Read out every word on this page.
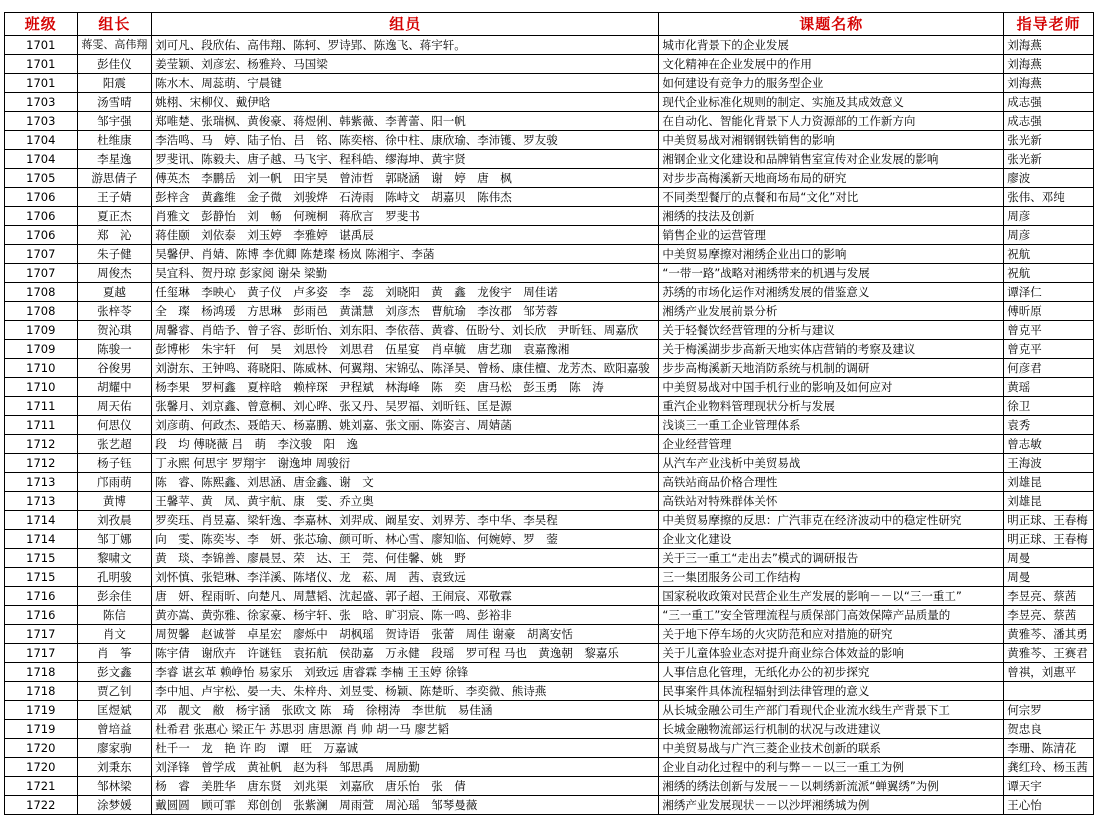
班级	组长	组员	课题名称	指导老师
1701	蒋雯、高伟翔	刘可凡、段欣佑、高伟翔、陈轲、罗诗郢、陈逸飞、蒋宇轩。	城市化背景下的企业发展	刘海燕
1701	彭佳仪	姜莹颖、刘彦宏、杨雅羚、马国梁	文化精神在企业发展中的作用	刘海燕
1701	阳震	陈水木、周蕊萌、宁晨键	如何建设有竞争力的服务型企业	刘海燕
1703	汤雪晴	姚栩、宋柳仪、戴伊晗	现代企业标准化规则的制定、实施及其成效意义	成志强
1703	邹宇强	郑唯楚、张瑞枫、黄俊豪、蒋煜俐、韩紫薇、李菁蕾、阳一帆	在自动化、智能化背景下人力资源部的工作新方向	成志强
1704	杜维康	李浩鸣、马　婷、陆子怡、吕　铭、陈奕榕、徐中柱、康欣瑜、李沛镬、罗友骏	中美贸易战对湘钢钢铁销售的影响	张光新
1704	李星逸	罗斐讯、陈毅夫、唐子越、马飞宇、程科皓、缪海坤、黄宇贤	湘钢企业文化建设和品牌销售室宣传对企业发展的影响	张光新
1705	游思倩子	傅英杰　李鹏岳　刘一帆　田宇昊　曾沛哲　郭晓涵　谢　婷　唐　枫	对步步高梅溪新天地商场布局的研究	廖波
1706	王子婧	彭梓含　黄鑫维　金子微　刘骏烨　石涛雨　陈峙文　胡嘉贝　陈伟杰	不同类型餐厅的点餐和布局“文化”对比	张伟、邓纯
1706	夏正杰	肖雅文　彭静怡　刘　畅　何琬桐　蒋欣言　罗斐书	湘绣的技法及创新	周彦
1706	郑　沁	蒋佳颐　刘依泰　刘玉婷　李雅婷　谌禹辰	销售企业的运营管理	周彦
1707	朱子健	吴馨伊、肖婧、陈博 李优卿 陈楚璨 杨岚 陈湘宇、李菡	中美贸易摩擦对湘绣企业出口的影响	祝航
1707	周俊杰	吴宜科、贺丹琼 彭家阅 谢朵 梁勤	“一带一路”战略对湘绣带来的机遇与发展	祝航
1708	夏越	任玺琳　李映心　黄子仪　卢多姿　李　蕊　刘晓阳　黄　鑫　龙俊宇　周佳诺	苏绣的市场化运作对湘绣发展的借鉴意义	谭泽仁
1708	张梓苓	全　璨　杨鸿瑗　方思琳　彭雨邑　黄潇慧　刘彦杰　曹航瑜　李汝郡　邹芳蓉	湘绣产业发展前景分析	傅昕原
1709	贺沁琪	周馨睿、肖皓予、曾子容、彭昕怡、刘东阳、李依蓓、黄睿、伍盼兮、刘长欣　尹昕钰、周嘉欣	关于轻餐饮经营管理的分析与建议	曾克平
1709	陈骏一	彭博彬　朱宇轩　何　昊　刘思怜　刘思君　伍星宴　肖卓毓　唐艺珈　袁嘉豫湘	关于梅溪湖步步高新天地实体店营销的考察及建议	曾克平
1710	谷俊男	刘澍东、王钟鸣、蒋晓阳、陈威林、何翼翔、宋锦弘、陈泽昊、曾杨、康佳檀、龙芳杰、欧阳嘉骏	步步高梅溪新天地消防系统与机制的调研	何彦君
1710	胡耀中	杨李果　罗柯鑫　夏梓晗　赖梓琛　尹程斌　林海峰　陈　奕　唐马松　彭玉勇　陈　涛	中美贸易战对中国手机行业的影响及如何应对	黄瑶
1711	周天佑	张馨月、刘京鑫、曾意桐、刘心晔、张又丹、吴罗福、刘昕钰、匡是源	重汽企业物料管理现状分析与发展	徐卫
1711	何思仪	刘彦萌、何政杰、聂皓天、杨嘉鹏、姚刘嘉、张文丽、陈姿言、周婧菡	浅谈三一重工企业管理体系	袁秀
1712	张艺超	段　均 傅晓薇 吕　萌　李汶骏　阳　逸	企业经营管理	曾志敏
1712	杨子钰	丁永熙 何思宇 罗翔宇　谢逸坤 周骏衍	从汽车产业浅析中美贸易战	王海波
1713	邝雨萌	陈　睿、陈熙鑫、刘思涵、唐金鑫、谢　文	高铁站商品价格合理性	刘雄昆
1713	黄博	王馨苹、黄　凤、黄宇航、康　雯、乔立奥	高铁站对特殊群体关怀	刘雄昆
1714	刘孜晨	罗奕珏、肖昱嘉、梁轩逸、李嘉林、刘羿成、阚星安、刘界芳、李中华、李昊程	中美贸易摩擦的反思：广汽菲克在经济波动中的稳定性研究	明正球、王春梅
1714	邹丁娜	向　雯、陈奕岑、李　妍、张芯瑜、颜可昕、林心雪、廖知临、何婉婷、罗　蓥	企业文化建设	明正球、王春梅
1715	黎啸文	黄　琰、李锦善、廖晨昱、荣　达、王　莞、何佳馨、姚　野	关于三一重工“走出去”模式的调研报告	周曼
1715	孔明骏	刘怀慎、张铠琳、李洋溪、陈堵仪、龙　菘、周　茜、袁致远	三一集团服务公司工作结构	周曼
1716	彭余佳	唐　妍、程雨昕、向楚凡、周慧韬、沈起盛、郭子超、王闹宸、邓敬霖	国家税收政策对民营企业生产发展的影响－－以“三一重工”	李昱亮、蔡茜
1716	陈信	黄亦嵩、黄弥雅、徐家豪、杨宇轩、张　晗、旷羽宸、陈一鸣、彭裕非	“三一重工”安全管理流程与质保部门高效保障产品质量的	李昱亮、蔡茜
1717	肖文	周贺馨　赵诚誉　卓星宏　廖烁中　胡枫瑶　贺诗语　张蕾　周佳 谢豪　胡离安恬	关于地下停车场的火灾防范和应对措施的研究	黄雅芩、潘其勇
1717	肖　筝	陈宇倩　谢欣卉　许谜钰　袁拓航　侯劭嘉　万永健　段瑶　罗可程 马也　黄逸朝　黎嘉乐	关于儿童体验业态对提升商业综合体效益的影响	黄雅芩、王赛君
1718	彭文鑫	李睿 谌玄革 赖峥怡 易家乐　刘致远 唐睿霖 李楠 王玉婷 徐锋	人事信息化管理，无纸化办公的初步探究	曾祺，刘惠平
1718	贾乙钊	李中旭、卢宇松、晏一夫、朱梓舟、刘昱雯、杨颖、陈楚昕、李奕微、熊诗燕	民事案件具体流程辐射到法律管理的意义	
1719	匡煜斌	邓　靓文　敝　杨宇涵　张欧文 陈　琦　徐栩涛　李世航　易佳涵	从长城金融公司生产部门看现代企业流水线生产背景下工	何宗罗
1719	曾培益	杜希君 张惠心 梁正午 苏思羽 唐思源 肖 帅 胡一马 廖艺韬	长城金融物流部运行机制的状况与改进建议	贺忠良
1720	廖家驹	杜千一　龙　艳 许 昀　谭　旺　万嘉诚	中美贸易战与广汽三菱企业技术创新的联系	李珊、陈清花
1720	刘秉东	刘泽锋　曾学成　黄祉帆　赵为科　邹思禹　周励勤	企业自动化过程中的利与弊－－以三一重工为例	龚红玲、杨玉茜
1721	邹林梁	杨　睿　美胜华　唐东贤　刘兆渠　刘嘉欣　唐乐怡　张　倩	湘绣的绣法创新与发展－－以刺绣新流派“蝉翼绣”为例	谭天宇
1722	涂梦媛	戴圆圆　顾可霏　郑创创　张紫澜　周雨萱　周沁瑶　邹琴曼薇	湘绣产业发展现状－－以沙坪湘绣城为例	王心怡
